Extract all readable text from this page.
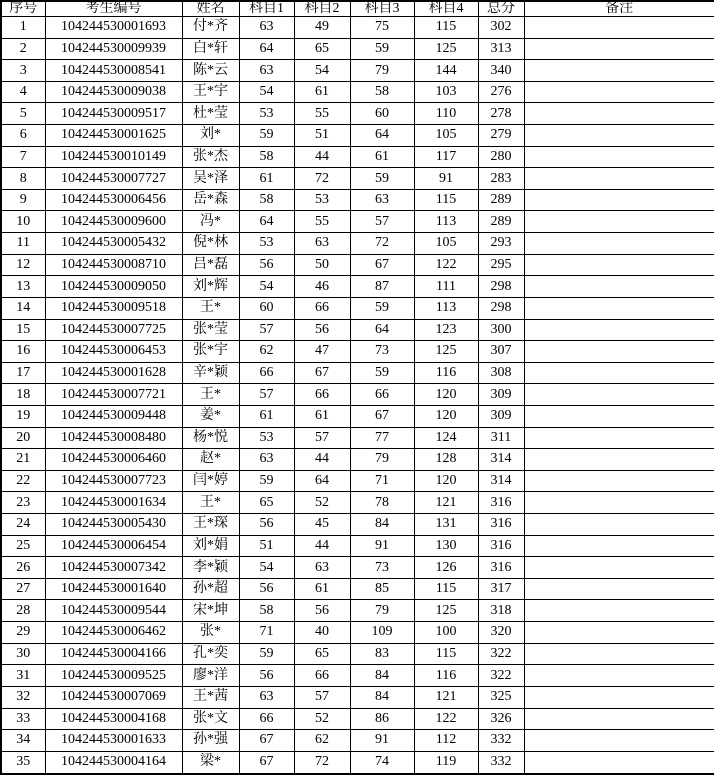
序号	考生编号	姓名	科目1	科目2	科目3	科目4	总分	备注
1	104244530001693	付*齐	63	49	75	115	302	
2	104244530009939	白*轩	64	65	59	125	313	
3	104244530008541	陈*云	63	54	79	144	340	
4	104244530009038	王*宇	54	61	58	103	276	
5	104244530009517	杜*莹	53	55	60	110	278	
6	104244530001625	刘*	59	51	64	105	279	
7	104244530010149	张*杰	58	44	61	117	280	
8	104244530007727	吴*泽	61	72	59	91	283	
9	104244530006456	岳*森	58	53	63	115	289	
10	104244530009600	冯*	64	55	57	113	289	
11	104244530005432	倪*林	53	63	72	105	293	
12	104244530008710	吕*磊	56	50	67	122	295	
13	104244530009050	刘*辉	54	46	87	111	298	
14	104244530009518	王*	60	66	59	113	298	
15	104244530007725	张*莹	57	56	64	123	300	
16	104244530006453	张*宇	62	47	73	125	307	
17	104244530001628	辛*颖	66	67	59	116	308	
18	104244530007721	王*	57	66	66	120	309	
19	104244530009448	姜*	61	61	67	120	309	
20	104244530008480	杨*悦	53	57	77	124	311	
21	104244530006460	赵*	63	44	79	128	314	
22	104244530007723	闫*婷	59	64	71	120	314	
23	104244530001634	王*	65	52	78	121	316	
24	104244530005430	王*琛	56	45	84	131	316	
25	104244530006454	刘*娟	51	44	91	130	316	
26	104244530007342	李*颖	54	63	73	126	316	
27	104244530001640	孙*超	56	61	85	115	317	
28	104244530009544	宋*坤	58	56	79	125	318	
29	104244530006462	张*	71	40	109	100	320	
30	104244530004166	孔*奕	59	65	83	115	322	
31	104244530009525	廖*洋	56	66	84	116	322	
32	104244530007069	王*茜	63	57	84	121	325	
33	104244530004168	张*文	66	52	86	122	326	
34	104244530001633	孙*强	67	62	91	112	332	
35	104244530004164	梁*	67	72	74	119	332	
